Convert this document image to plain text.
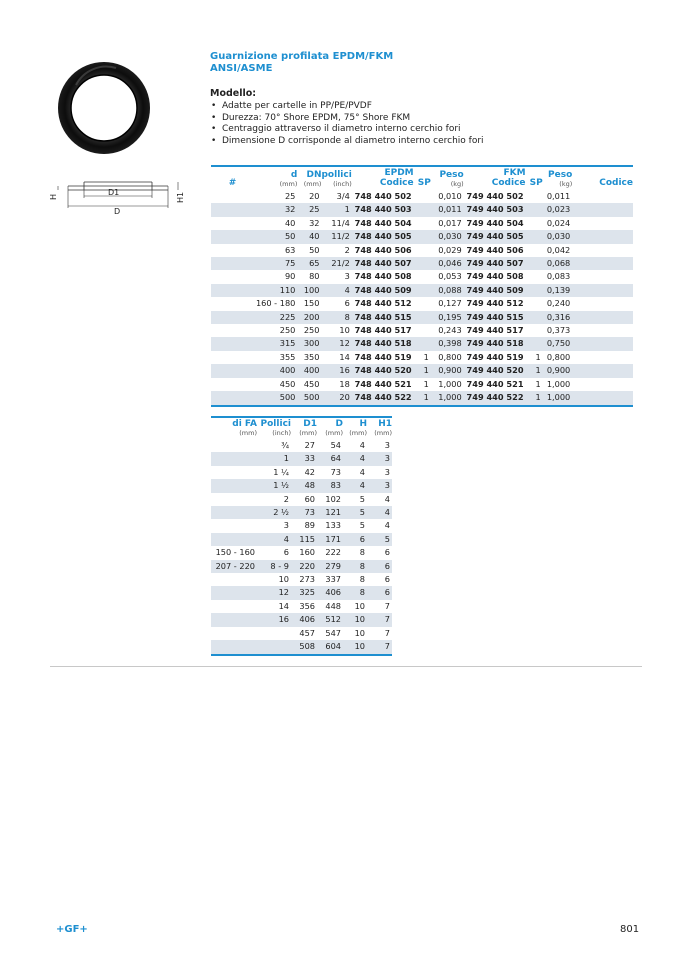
H	H1
D1
D
Guarnizione profilata EPDM/FKM
ANSI/ASME
Modello:
• Adatte per cartelle in PP/PE/PVDF
• Durezza: 70° Shore EPDM, 75° Shore FKM
• Centraggio attraverso il diametro interno cerchio fori
• Dimensione D corrisponde al diametro interno cerchio fori
#	d
(mm)	DN
(mm)	pollici
(inch)	EPDM
Codice	SP	Peso
(kg)	FKM
Codice	SP	Peso
(kg)	Codice
	25	20	3/4	748 440 502		0,010	749 440 502		0,011	
	32	25	1	748 440 503		0,011	749 440 503		0,023	
	40	32	11/4	748 440 504		0,017	749 440 504		0,024	
	50	40	11/2	748 440 505		0,030	749 440 505		0,030	
	63	50	2	748 440 506		0,029	749 440 506		0,042	
	75	65	21/2	748 440 507		0,046	749 440 507		0,068	
	90	80	3	748 440 508		0,053	749 440 508		0,083	
	110	100	4	748 440 509		0,088	749 440 509		0,139	
	160 - 180	150	6	748 440 512		0,127	749 440 512		0,240	
	225	200	8	748 440 515		0,195	749 440 515		0,316	
	250	250	10	748 440 517		0,243	749 440 517		0,373	
	315	300	12	748 440 518		0,398	749 440 518		0,750	
	355	350	14	748 440 519	1	0,800	749 440 519	1	0,800	
	400	400	16	748 440 520	1	0,900	749 440 520	1	0,900	
	450	450	18	748 440 521	1	1,000	749 440 521	1	1,000	
	500	500	20	748 440 522	1	1,000	749 440 522	1	1,000	
di FA
(mm)	Pollici
(inch)	D1
(mm)	D
(mm)	H
(mm)	H1
(mm)

	¾	27	54	4	3
	1	33	64	4	3
	1 ¼	42	73	4	3
	1 ½	48	83	4	3
	2	60	102	5	4
	2 ½	73	121	5	4
	3	89	133	5	4
	4	115	171	6	5
150 - 160	6	160	222	8	6
207 - 220	8 - 9	220	279	8	6
	10	273	337	8	6
	12	325	406	8	6
	14	356	448	10	7
	16	406	512	10	7
		457	547	10	7
		508	604	10	7
+GF+	801
